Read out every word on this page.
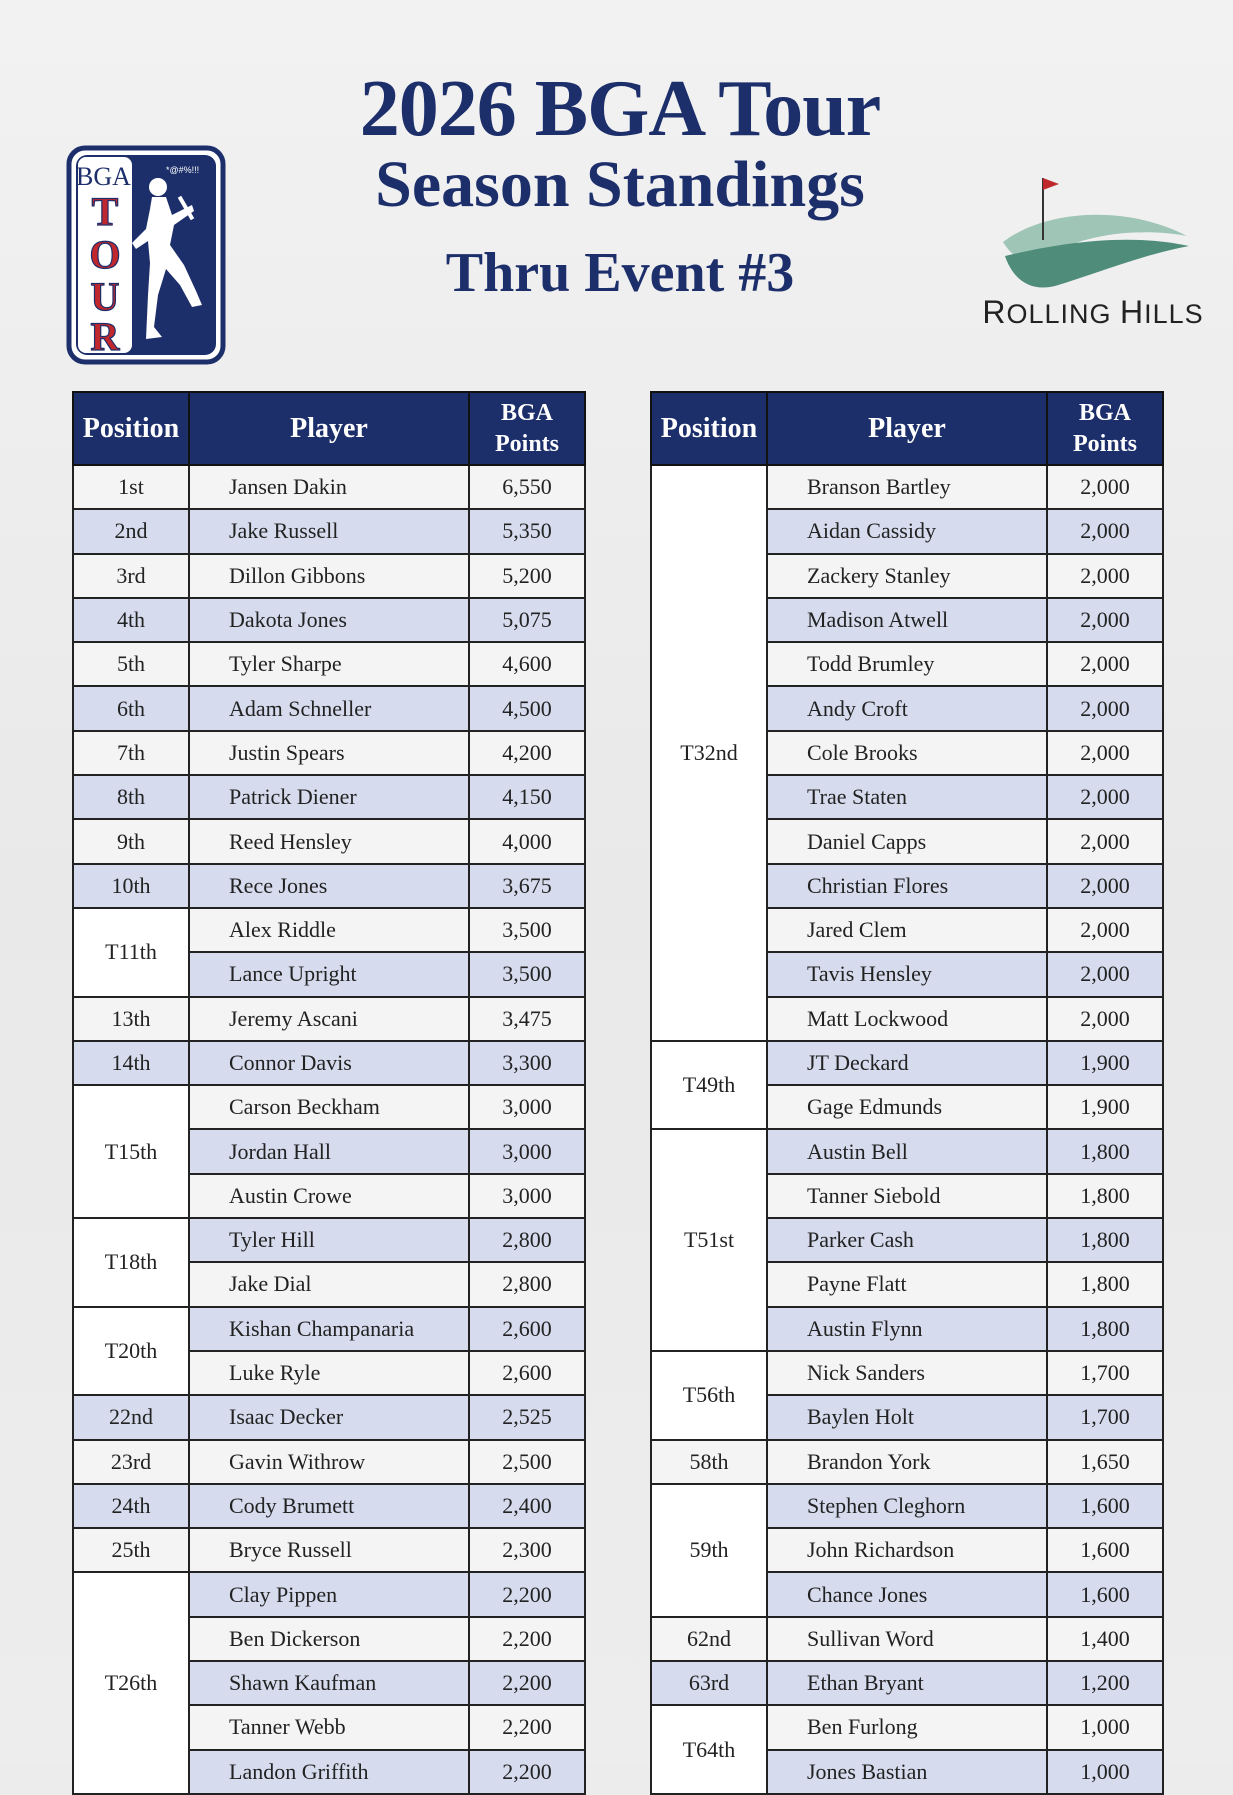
BGA
T
O
U
R
*@#%!!!
2026 BGA Tour
Season Standings
Thru Event #3
ROLLING HILLS
Position	Player	BGA
Points
1st	Jansen Dakin	6,550
2nd	Jake Russell	5,350
3rd	Dillon Gibbons	5,200
4th	Dakota Jones	5,075
5th	Tyler Sharpe	4,600
6th	Adam Schneller	4,500
7th	Justin Spears	4,200
8th	Patrick Diener	4,150
9th	Reed Hensley	4,000
10th	Rece Jones	3,675
T11th	Alex Riddle	3,500
	Lance Upright	3,500
13th	Jeremy Ascani	3,475
14th	Connor Davis	3,300
T15th	Carson Beckham	3,000
	Jordan Hall	3,000
	Austin Crowe	3,000
T18th	Tyler Hill	2,800
	Jake Dial	2,800
T20th	Kishan Champanaria	2,600
	Luke Ryle	2,600
22nd	Isaac Decker	2,525
23rd	Gavin Withrow	2,500
24th	Cody Brumett	2,400
25th	Bryce Russell	2,300
T26th	Clay Pippen	2,200
	Ben Dickerson	2,200
	Shawn Kaufman	2,200
	Tanner Webb	2,200
	Landon Griffith	2,200
Position	Player	BGA
Points
T32nd	Branson Bartley	2,000
	Aidan Cassidy	2,000
	Zackery Stanley	2,000
	Madison Atwell	2,000
	Todd Brumley	2,000
	Andy Croft	2,000
	Cole Brooks	2,000
	Trae Staten	2,000
	Daniel Capps	2,000
	Christian Flores	2,000
	Jared Clem	2,000
	Tavis Hensley	2,000
	Matt Lockwood	2,000
T49th	JT Deckard	1,900
	Gage Edmunds	1,900
T51st	Austin Bell	1,800
	Tanner Siebold	1,800
	Parker Cash	1,800
	Payne Flatt	1,800
	Austin Flynn	1,800
T56th	Nick Sanders	1,700
	Baylen Holt	1,700
58th	Brandon York	1,650
59th	Stephen Cleghorn	1,600
	John Richardson	1,600
	Chance Jones	1,600
62nd	Sullivan Word	1,400
63rd	Ethan Bryant	1,200
T64th	Ben Furlong	1,000
	Jones Bastian	1,000
